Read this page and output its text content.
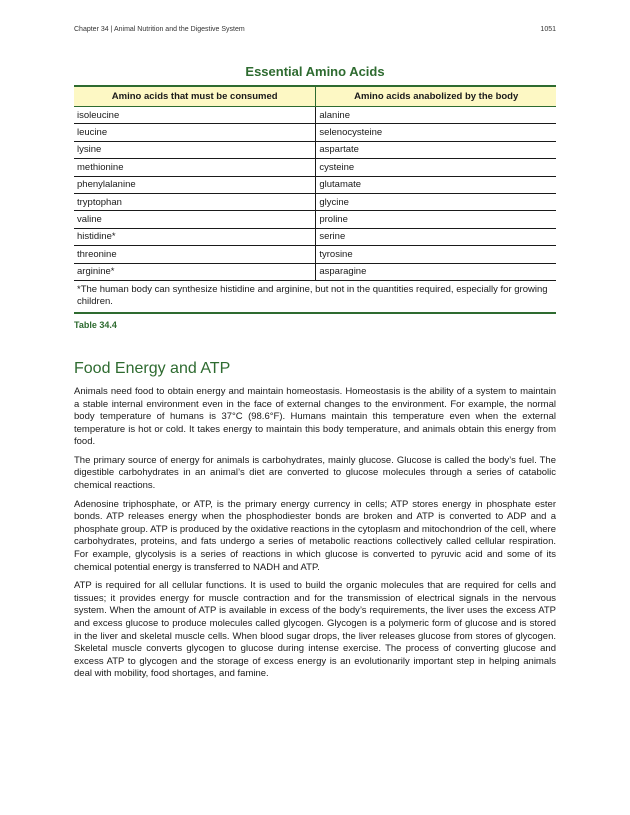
Chapter 34 | Animal Nutrition and the Digestive System	1051
Essential Amino Acids
Amino acids that must be consumed	Amino acids anabolized by the body
isoleucine	alanine
leucine	selenocysteine
lysine	aspartate
methionine	cysteine
phenylalanine	glutamate
tryptophan	glycine
valine	proline
histidine*	serine
threonine	tyrosine
arginine*	asparagine
*The human body can synthesize histidine and arginine, but not in the quantities required, especially for growing children.	
Table 34.4
Food Energy and ATP

Animals need food to obtain energy and maintain homeostasis. Homeostasis is the ability of a system to maintain a stable internal environment even in the face of external changes to the environment. For example, the normal body temperature of humans is 37°C (98.6°F). Humans maintain this temperature even when the external temperature is hot or cold. It takes energy to maintain this body temperature, and animals obtain this energy from food.

The primary source of energy for animals is carbohydrates, mainly glucose. Glucose is called the body’s fuel. The digestible carbohydrates in an animal’s diet are converted to glucose molecules through a series of catabolic chemical reactions.

Adenosine triphosphate, or ATP, is the primary energy currency in cells; ATP stores energy in phosphate ester bonds. ATP releases energy when the phosphodiester bonds are broken and ATP is converted to ADP and a phosphate group. ATP is produced by the oxidative reactions in the cytoplasm and mitochondrion of the cell, where carbohydrates, proteins, and fats undergo a series of metabolic reactions collectively called cellular respiration. For example, glycolysis is a series of reactions in which glucose is converted to pyruvic acid and some of its chemical potential energy is transferred to NADH and ATP.

ATP is required for all cellular functions. It is used to build the organic molecules that are required for cells and tissues; it provides energy for muscle contraction and for the transmission of electrical signals in the nervous system. When the amount of ATP is available in excess of the body’s requirements, the liver uses the excess ATP and excess glucose to produce molecules called glycogen. Glycogen is a polymeric form of glucose and is stored in the liver and skeletal muscle cells. When blood sugar drops, the liver releases glucose from stores of glycogen. Skeletal muscle converts glycogen to glucose during intense exercise. The process of converting glucose and excess ATP to glycogen and the storage of excess energy is an evolutionarily important step in helping animals deal with mobility, food shortages, and famine.
